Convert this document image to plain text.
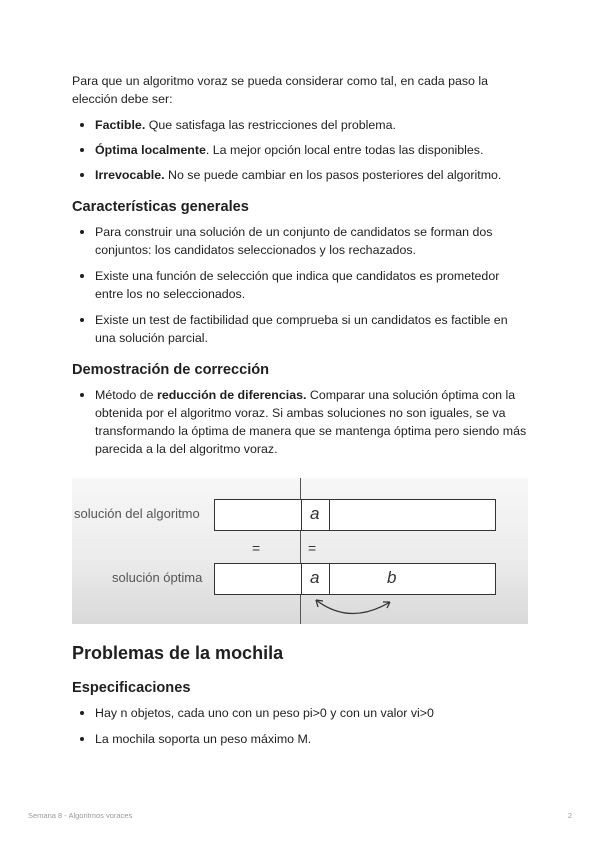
Para que un algoritmo voraz se pueda considerar como tal, en cada paso la elección debe ser:

Factible. Que satisfaga las restricciones del problema.
Óptima localmente. La mejor opción local entre todas las disponibles.
Irrevocable. No se puede cambiar en los pasos posteriores del algoritmo.
Características generales
Para construir una solución de un conjunto de candidatos se forman dos conjuntos: los candidatos seleccionados y los rechazados.
Existe una función de selección que indica que candidatos es prometedor entre los no seleccionados.
Existe un test de factibilidad que comprueba si un candidatos es factible en una solución parcial.
Demostración de corrección
Método de reducción de diferencias. Comparar una solución óptima con la obtenida por el algoritmo voraz. Si ambas soluciones no son iguales, se va transformando la óptima de manera que se mantenga óptima pero siendo más parecida a la del algoritmo voraz.
solución del algoritmo	a
=	=
solución óptima	a	b
Problemas de la mochila
Especificaciones
Hay n objetos, cada uno con un peso pi>0 y con un valor vi>0
La mochila soporta un peso máximo M.
Semana 8 - Algoritmos voraces	2
